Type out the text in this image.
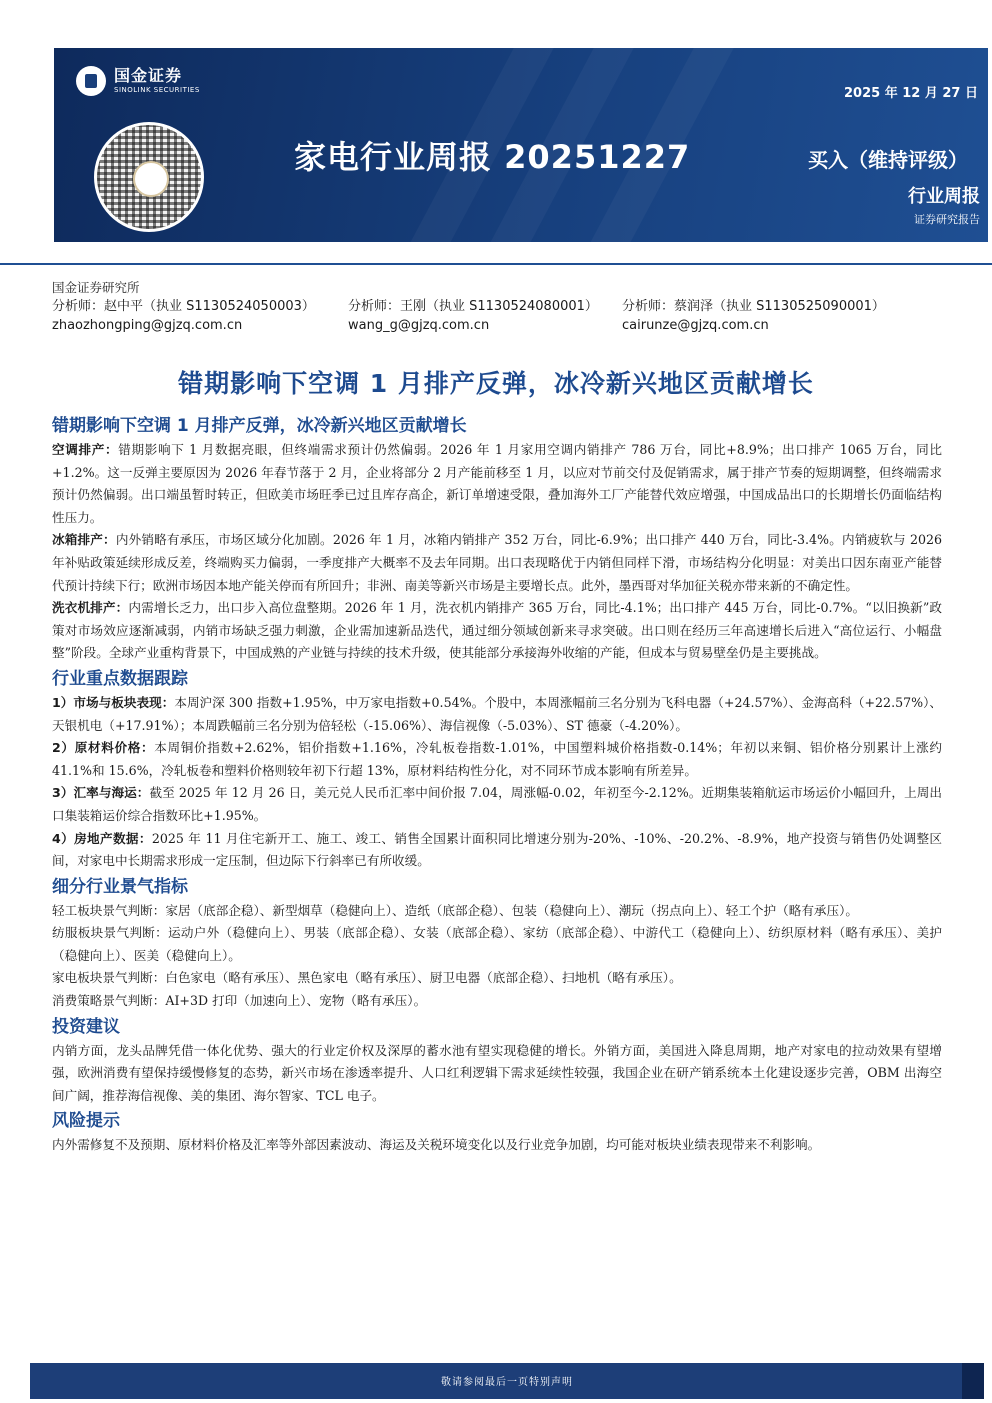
国金证券
SINOLINK SECURITIES	2025 年 12 月 27 日
家电行业周报 20251227	买入（维持评级）
行业周报
证券研究报告
国金证券研究所
分析师：赵中平（执业 S1130524050003）	分析师：王刚（执业 S1130524080001） 分析师：蔡润泽（执业 S1130525090001）
zhaozhongping@gjzq.com.cn	wang_g@gjzq.com.cn	cairunze@gjzq.com.cn
错期影响下空调 1 月排产反弹，冰冷新兴地区贡献增长
错期影响下空调 1 月排产反弹，冰冷新兴地区贡献增长

空调排产：错期影响下 1 月数据亮眼，但终端需求预计仍然偏弱。2026 年 1 月家用空调内销排产 786 万台，同比+8.9%；出口排产 1065 万台，同比+1.2%。这一反弹主要原因为 2026 年春节落于 2 月，企业将部分 2 月产能前移至 1 月，以应对节前交付及促销需求，属于排产节奏的短期调整，但终端需求预计仍然偏弱。出口端虽暂时转正，但欧美市场旺季已过且库存高企，新订单增速受限，叠加海外工厂产能替代效应增强，中国成品出口的长期增长仍面临结构性压力。

冰箱排产：内外销略有承压，市场区域分化加剧。2026 年 1 月，冰箱内销排产 352 万台，同比-6.9%；出口排产 440 万台，同比-3.4%。内销疲软与 2026 年补贴政策延续形成反差，终端购买力偏弱，一季度排产大概率不及去年同期。出口表现略优于内销但同样下滑，市场结构分化明显：对美出口因东南亚产能替代预计持续下行；欧洲市场因本地产能关停而有所回升；非洲、南美等新兴市场是主要增长点。此外，墨西哥对华加征关税亦带来新的不确定性。

洗衣机排产：内需增长乏力，出口步入高位盘整期。2026 年 1 月，洗衣机内销排产 365 万台，同比-4.1%；出口排产 445 万台，同比-0.7%。“以旧换新”政策对市场效应逐渐减弱，内销市场缺乏强力刺激，企业需加速新品迭代，通过细分领域创新来寻求突破。出口则在经历三年高速增长后进入“高位运行、小幅盘整”阶段。全球产业重构背景下，中国成熟的产业链与持续的技术升级，使其能部分承接海外收缩的产能，但成本与贸易壁垒仍是主要挑战。

行业重点数据跟踪

1）市场与板块表现：本周沪深 300 指数+1.95%，中万家电指数+0.54%。个股中，本周涨幅前三名分别为飞科电器（+24.57%）、金海高科（+22.57%）、天银机电（+17.91%）；本周跌幅前三名分别为倍轻松（-15.06%）、海信视像（-5.03%）、ST 德豪（-4.20%）。

2）原材料价格：本周铜价指数+2.62%，铝价指数+1.16%，冷轧板卷指数-1.01%，中国塑料城价格指数-0.14%；年初以来铜、铝价格分别累计上涨约 41.1%和 15.6%，冷轧板卷和塑料价格则较年初下行超 13%，原材料结构性分化，对不同环节成本影响有所差异。

3）汇率与海运：截至 2025 年 12 月 26 日，美元兑人民币汇率中间价报 7.04，周涨幅-0.02，年初至今-2.12%。近期集装箱航运市场运价小幅回升，上周出口集装箱运价综合指数环比+1.95%。

4）房地产数据：2025 年 11 月住宅新开工、施工、竣工、销售全国累计面积同比增速分别为-20%、-10%、-20.2%、-8.9%，地产投资与销售仍处调整区间，对家电中长期需求形成一定压制，但边际下行斜率已有所收缓。

细分行业景气指标

轻工板块景气判断：家居（底部企稳）、新型烟草（稳健向上）、造纸（底部企稳）、包装（稳健向上）、潮玩（拐点向上）、轻工个护（略有承压）。

纺服板块景气判断：运动户外（稳健向上）、男装（底部企稳）、女装（底部企稳）、家纺（底部企稳）、中游代工（稳健向上）、纺织原材料（略有承压）、美护（稳健向上）、医美（稳健向上）。

家电板块景气判断：白色家电（略有承压）、黑色家电（略有承压）、厨卫电器（底部企稳）、扫地机（略有承压）。

消费策略景气判断：AI+3D 打印（加速向上）、宠物（略有承压）。

投资建议

内销方面，龙头品牌凭借一体化优势、强大的行业定价权及深厚的蓄水池有望实现稳健的增长。外销方面，美国进入降息周期，地产对家电的拉动效果有望增强，欧洲消费有望保持缓慢修复的态势，新兴市场在渗透率提升、人口红利逻辑下需求延续性较强，我国企业在研产销系统本土化建设逐步完善，OBM 出海空间广阔，推荐海信视像、美的集团、海尔智家、TCL 电子。

风险提示

内外需修复不及预期、原材料价格及汇率等外部因素波动、海运及关税环境变化以及行业竞争加剧，均可能对板块业绩表现带来不利影响。

敬请参阅最后一页特别声明
